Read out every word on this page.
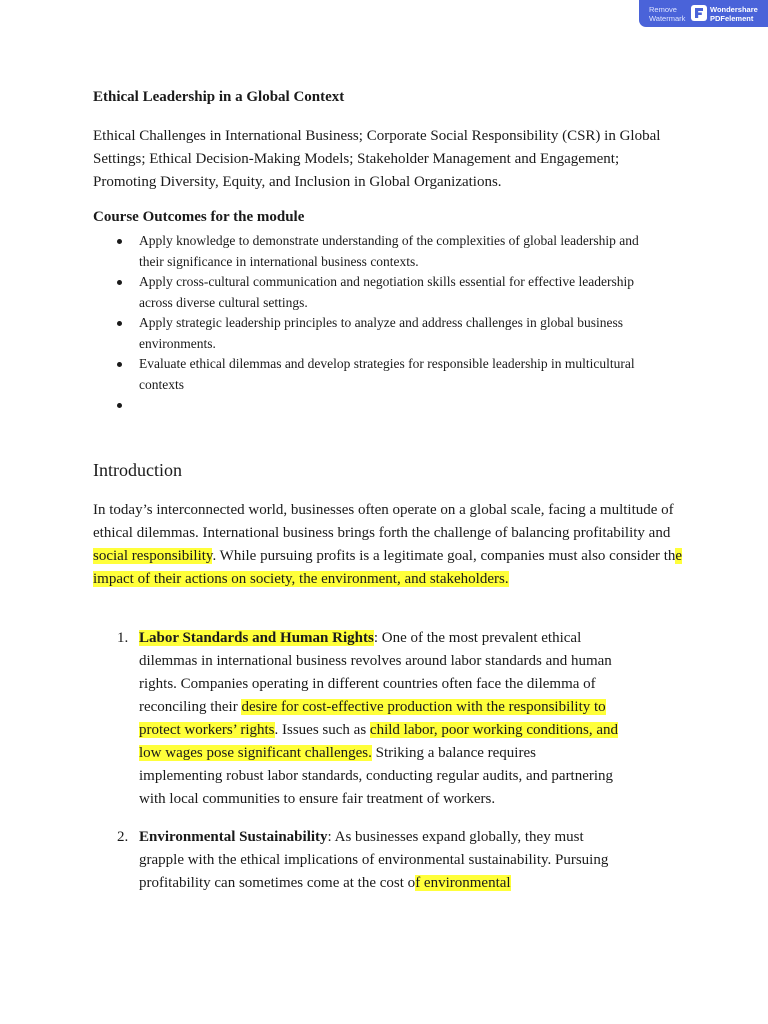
Remove Watermark
Wondershare PDFelement
Ethical Leadership in a Global Context
Ethical Challenges in International Business; Corporate Social Responsibility (CSR) in Global Settings; Ethical Decision-Making Models; Stakeholder Management and Engagement; Promoting Diversity, Equity, and Inclusion in Global Organizations.
Course Outcomes for the module
Apply knowledge to demonstrate understanding of the complexities of global leadership and their significance in international business contexts.
Apply cross-cultural communication and negotiation skills essential for effective leadership across diverse cultural settings.
Apply strategic leadership principles to analyze and address challenges in global business environments.
Evaluate ethical dilemmas and develop strategies for responsible leadership in multicultural contexts
Introduction
In today’s interconnected world, businesses often operate on a global scale, facing a multitude of ethical dilemmas. International business brings forth the challenge of balancing profitability and social responsibility. While pursuing profits is a legitimate goal, companies must also consider the impact of their actions on society, the environment, and stakeholders.
1. Labor Standards and Human Rights: One of the most prevalent ethical dilemmas in international business revolves around labor standards and human rights. Companies operating in different countries often face the dilemma of reconciling their desire for cost-effective production with the responsibility to protect workers’ rights. Issues such as child labor, poor working conditions, and low wages pose significant challenges. Striking a balance requires implementing robust labor standards, conducting regular audits, and partnering with local communities to ensure fair treatment of workers.
2. Environmental Sustainability: As businesses expand globally, they must grapple with the ethical implications of environmental sustainability. Pursuing profitability can sometimes come at the cost of environmental
